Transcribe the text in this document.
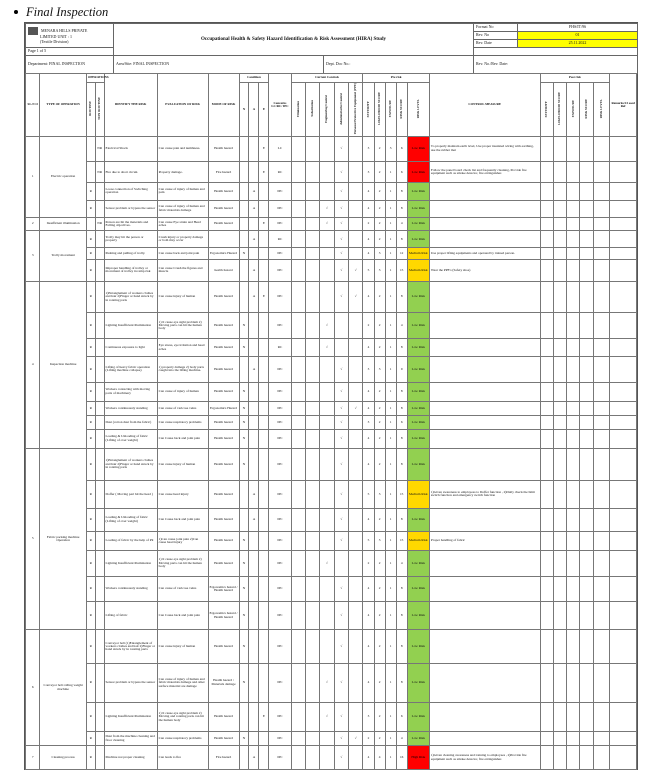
Final Inspection
MENARA HILLS PRIVATE
LIMITED UNIT : 1
(Textile Division)	Occupational Health & Safety Hazard Identification & Risk Assessment (HIRA) Study		Format No	FHS/IT/96
			Rev. No	01
			Rev. Date	25.11.2022
Page 1 of 5				
Department: FINAL INSPECTION	Area/Site: FINAL INSPECTION	Dept. Doc No.:	Rev. No./Rev. Date:	
SL.N O	TYPE OF OPERATION	OPERATIONS		IDENTIFY THE RISK	EVALUATION OF RISK	MODE OF RISK	Condition			Concerns LC/RC/ IPC	Current Controls					Pre risk					CONTROL MEASURE	Post risk					Remarks/Cl osed Ref
		ROUTINE	NON ROUTINE				N	A	E		Elimination	Substitution	Engineering Control	Administrative Control	Personal Protective Equipment (PPE)	SEVERITY	LIKELIHOOD SCORE	EXPOSURE	RISK SCORE	RISK LEVEL		SEVERITY	LIKELIHOOD SCORE	EXPOSURE	RISK SCORE	RISK LEVEL	
1	Electric operation		NR	Electrical Shock	Can cause pain and numbness.	Health hazard			E	LC				√		3	2	3	6	Low Risk	To properly maintain earth level, Use proper insulated wiring with earthing, use the rubber mat						
			NR	Fire due to short circuit.	Property damage.	Fire hazard			E	RC				√		3	2	1	6	Low Risk	Follow the panel board check list and frequently cleaning, Provide fire equipment such as smoke detector, fire extinguisher.						
		R		Loose connection of Switching operation	Can cause of injury of human and pain	Health hazard		A		IPC				√		4	2	1	8	Low Risk							
		R		Sensor problem or bypass the sensor	Can cause of injury of human and fabric materials damage	Health hazard		A		IPC			√	√		4	2	1	8	Low Risk							
2	Insufficient illumination		NR	Person are hit the materials and Falling objectives.	Can cause Eye strain and Head aches	Health hazard			E	IPC			√	√		2	2	1	4	Low Risk							
3	Trolly movement	R		Trolly may hit the person or property	Crush injury or property damage or both may occur			A		RC				√		4	2	1	8	Low Risk							
		R		Pushing and pulling of trolly.	Can cause back and joint pain	Ergonomics Hazard	N			IPC				√		4	3	1	12	Medium Risk	Use proper lifting equipments and operated by trained person.						
		R		Improper handling of trolley or movement of trolley in ramp risk	Can cause Crush the figures and muscle	health hazard		A		IPC				√	√	5	3	1	15	Medium Risk	Wear the PPE's (Safety shoe)						
4	Inspection machine	R		1)Entanglement of workers clothes and hair 2)Finger or hand struck by in rotating parts	Can cause injury of human	Health hazard		A	E	IPC				√	√	4	2	1	8	Low Risk							
		R		Lighting Insufficient illumination	1) It cause eye sight problem 2) Moving parts can hit the human body	Health hazard	N			IPC			√			2	2	1	4	Low Risk							
		R		Continuous exposure to light	Eye stress, eye irritation and head aches	Health hazard	N			RC			√			4	2	1	8	Low Risk							
		R		Lifting of heavy fabric operation (Lifting machine collapse)	1) property damage 2) body parts caught into the lifting machine.	Health hazard		A		IPC				√		3	3	1	9	Low Risk							
		R		Workers contacting with moving parts of machinery	Can cause of injury of human	Health hazard	N			IPC				√		4	2	1	8	Low Risk							
		R		Workers continuously standing	Can cause of varicose veins	Ergonomics Hazard	N			IPC				√	√	4	2	1	8	Low Risk							
		R		Dust (cotton dust from the fabric)	Can cause respiratory problems	Health hazard	N			IPC				√		3	2	1	6	Low Risk							
		R		Loading & Unloading of fabric (Lifting of over weight)	Can Cause back and joint pain	Health hazard	N			IPC				√		4	2	1	8	Low Risk							
5	Fabric packing machine Operation	R		1)Entanglement of workers clothes and hair 2)Finger or hand struck by in rotating parts	Can cause injury of human	Health hazard	N			IPC				√		4	2	1	8	Low Risk							
		R		Doffer ( Moving part hit the head )	Can cause head injury	Health hazard		A		IPC				√		5	3	1	15	Medium Risk	1)Given awareness to employees to Doffer function , 2)Daily check the limit switch function and emergency switch function						
		R		Loading & Unloading of fabric (Lifting of over weight)	Can Cause back and joint pain	Health hazard		A		IPC				√		4	2	1	8	Low Risk							
		R		Loading of fabric by the help of Pit	1)Can cause joint pain 2)Can cause head injury	Health hazard	N			IPC				√		5	3	1	15	Medium Risk	Proper handling of fabric						
		R		Lighting Insufficient illumination	1) It cause eye sight problem 2) Moving parts can hit the human body	Health hazard	N			IPC			√			2	2	1	4	Low Risk							
		R		Workers continuously standing	Can cause of varicose veins	Ergonomics hazard / Health hazard	N			IPC				√		4	2	1	8	Low Risk							
		R		Lifting of fabric	Can Cause back and joint pain	Ergonomics hazard / Health hazard	N			IPC				√		4	2	1	8	Low Risk							
6	Conveyor belt rolling weight machine	R		Conveyor belt (1)Entanglement of workers clothes and hair 2)Finger or hand struck by in rotating parts	Can cause injury of human	Health hazard	N			IPC				√		4	2	1	8	Low Risk							
		R		Sensor problem or bypass the sensor	Can cause of injury of human and fabric materials damage and other surface material are damage	Health hazard / Materials damage	N			IPC			√	√		4	2	1	8	Low Risk							
		R		Lighting Insufficient illumination	1) It cause eye sight problem 2) Moving and rotating parts can hit the human body	Health hazard			E	IPC			√	√		3	2	1	6	Low Risk							
		R		Dust from the machine cleaning and floor cleaning	Can cause respiratory problems	Health hazard	N			IPC				√	√	2	2	1	4	Low Risk							
7	Cleaning process	R		Machine not proper cleaning	Can leads to fire	Fire hazard		A		IPC				√		4	4	1	16	High Risk	1)Given cleaning awareness and training to employees , 2)Provide fire equipment such as smoke detector, fire extinguisher.						
